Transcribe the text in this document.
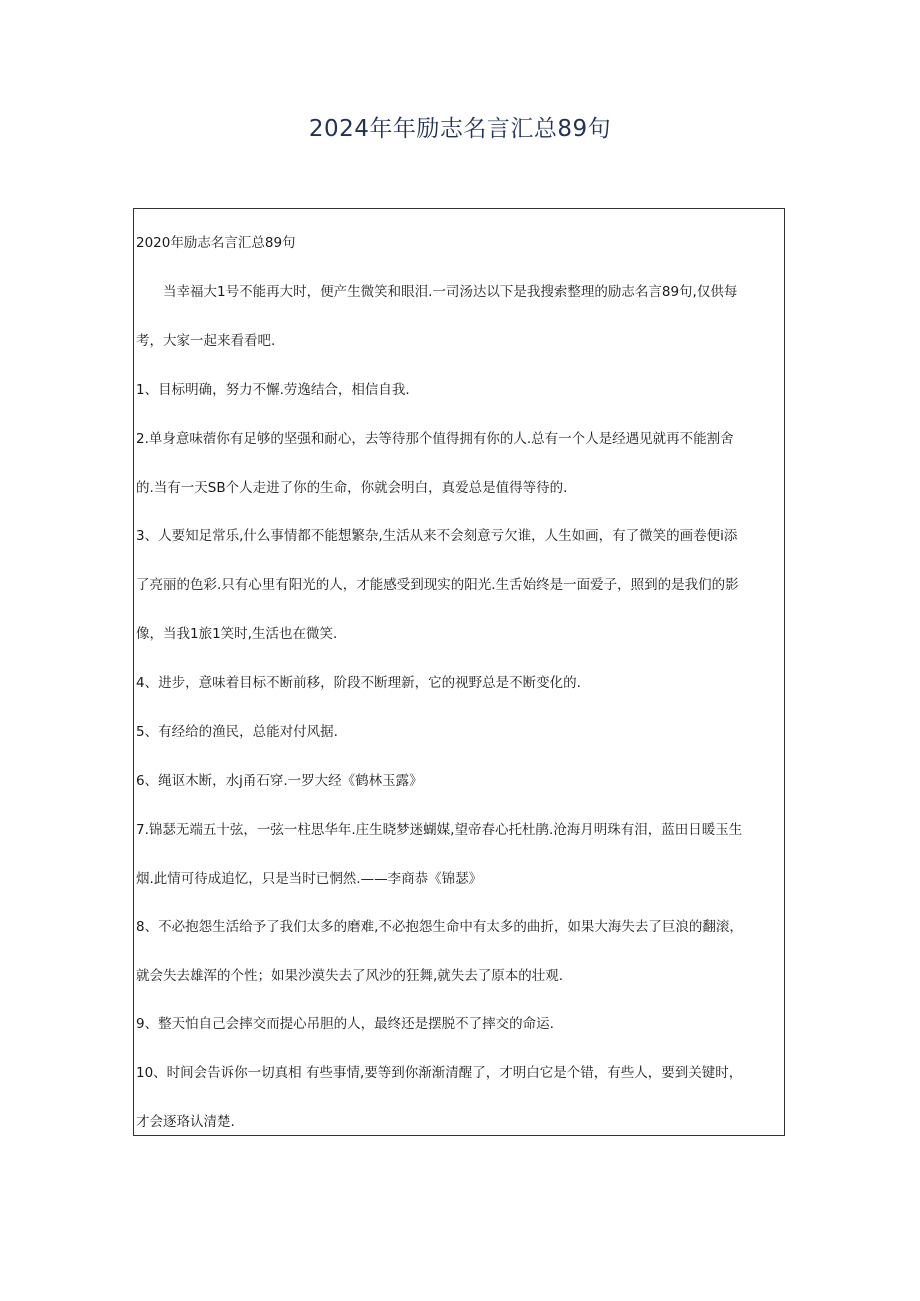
2024年年励志名言汇总89句

2020年励志名言汇总89句

当幸福大1号不能再大时，便产生微笑和眼泪.一司汤达以下是我搜索整理的励志名言89句,仅供每
考，大家一起来看看吧.

1、目标明确，努力不懈.劳逸结合，相信自我.

2.单身意味蓿你有足够的坚强和耐心，去等待那个值得拥有你的人.总有一个人是经遇见就再不能割舍
的.当有一天SB个人走进了你的生命，你就会明白，真爱总是值得等待的.

3、人要知足常乐,什么事情都不能想繁杂,生活从来不会刻意亏欠谁，人生如画，有了微笑的画卷便i添
了亮丽的色彩.只有心里有阳光的人，才能感受到现实的阳光.生舌始终是一面爱子，照到的是我们的影
像，当我1旅1笑时,生活也在微笑.

4、进步，意味着目标不断前移，阶段不断理新，它的视野总是不断变化的.

5、有经给的渔民，总能对付风据.

6、绳讴木断，水j甬石穿.一罗大经《鹤林玉露》

7.锦瑟无端五十弦，一弦一柱思华年.庄生晓梦迷蝴媒,望帝春心托杜鹃.沧海月明珠有泪，蓝田日暖玉生
烟.此情可待成追忆，只是当时已惘然.——李商恭《锦瑟》

8、不必抱怨生活给予了我们太多的磨难,不必抱怨生命中有太多的曲折，如果大海失去了巨浪的翻滚，
就会失去雄浑的个性；如果沙漠失去了风沙的狂舞,就失去了原本的壮观.

9、整天怕自己会摔交而提心吊胆的人，最终还是摆脱不了摔交的命运.

10、时间会告诉你一切真相 有些事情,要等到你渐渐清醒了，才明白它是个错，有些人，要到关键时，
才会逐珞认清楚.
